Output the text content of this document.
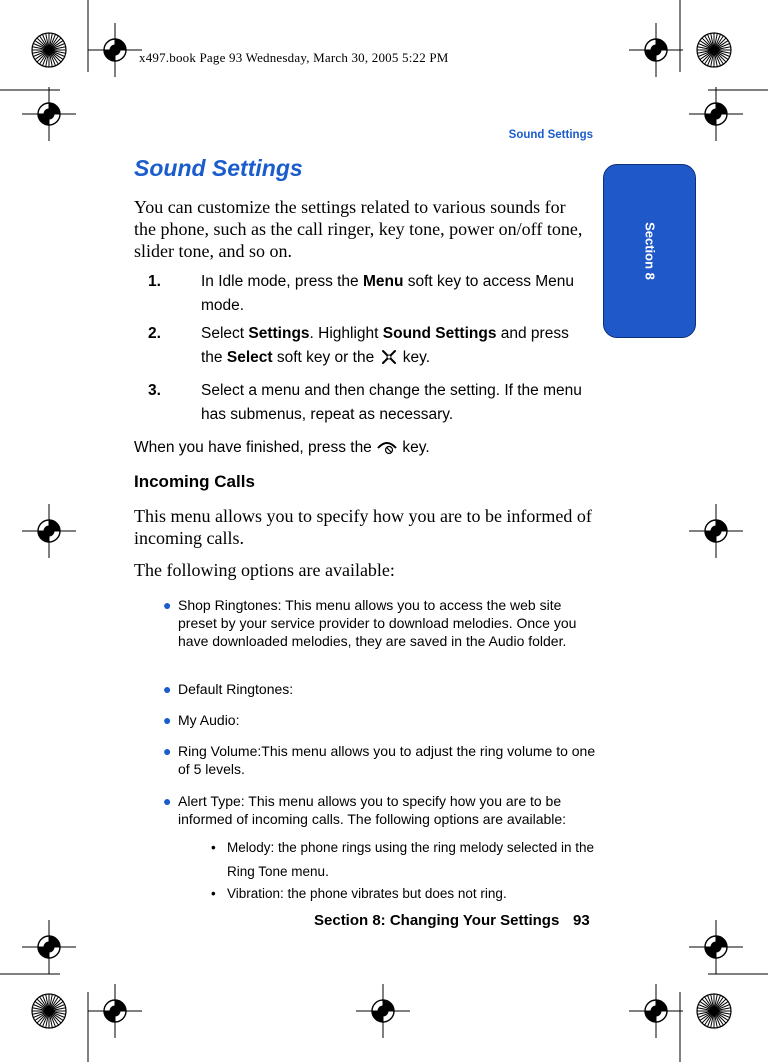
x497.book Page 93 Wednesday, March 30, 2005 5:22 PM
Sound Settings
Section 8
Sound Settings
You can customize the settings related to various sounds for the phone, such as the call ringer, key tone, power on/off tone, slider tone, and so on.
1.	In Idle mode, press the Menu soft key to access Menu mode.
2.	Select Settings. Highlight Sound Settings and press the Select soft key or the  key.
3.	Select a menu and then change the setting. If the menu has submenus, repeat as necessary.
When you have finished, press the  key.
Incoming Calls
This menu allows you to specify how you are to be informed of incoming calls.
The following options are available:
● Shop Ringtones: This menu allows you to access the web site preset by your service provider to download melodies. Once you have downloaded melodies, they are saved in the Audio folder.
● Default Ringtones:
● My Audio:
● Ring Volume:This menu allows you to adjust the ring volume to one of 5 levels.
● Alert Type: This menu allows you to specify how you are to be informed of incoming calls. The following options are available:
• Melody: the phone rings using the ring melody selected in the Ring Tone menu.
• Vibration: the phone vibrates but does not ring.
Section 8: Changing Your Settings 93
